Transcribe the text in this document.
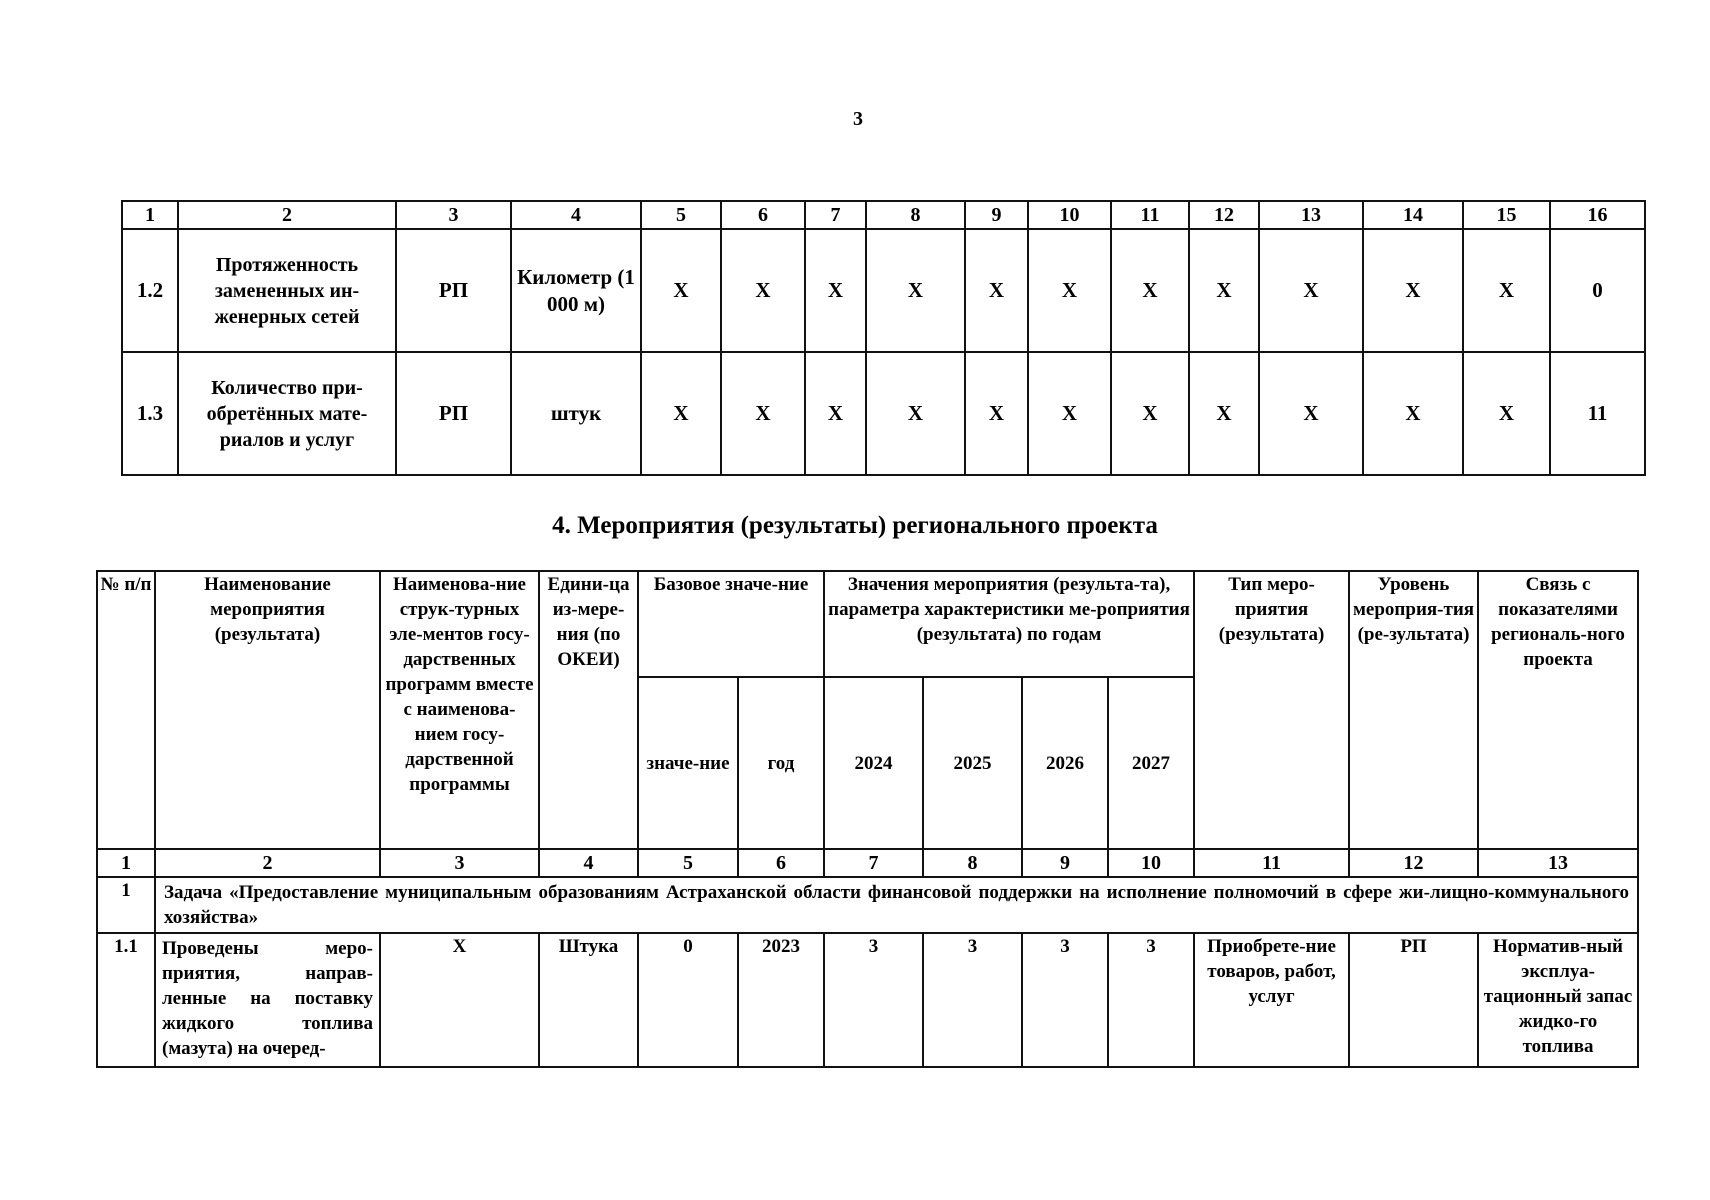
3
1	2	3	4	5	6	7	8	9	10	11	12	13	14	15	16
1.2	Протяженность замененных ин-женерных сетей	РП	Километр (1 000 м)	X	X	X	X	X	X	X	X	X	X	X	0
1.3	Количество при-обретённых мате-риалов и услуг	РП	штук	X	X	X	X	X	X	X	X	X	X	X	11
4. Мероприятия (результаты) регионального проекта
№ п/п	Наименование мероприятия (результата)	Наименова-ние струк-турных эле-ментов госу-дарственных программ вместе с наименова-нием госу-дарственной программы	Едини-ца из-мере-ния (по ОКЕИ)	Базовое значе-ние		Значения мероприятия (результа-та), параметра характеристики ме-роприятия (результата) по годам				Тип меро-приятия (результата)	Уровень мероприя-тия (ре-зультата)	Связь с показателями региональ-ного проекта
				значе-ние	год	2024	2025	2026	2027			
1	2	3	4	5	6	7	8	9	10	11	12	13
1	Задача «Предоставление муниципальным образованиям Астраханской области финансовой поддержки на исполнение полномочий в сфере жи-лищно-коммунального хозяйства»											
1.1	Проведены меро-приятия, направ-ленные на поставку жидкого топлива (мазута) на очеред-	X	Штука	0	2023	3	3	3	3	Приобрете-ние товаров, работ, услуг	РП	Норматив-ный эксплуа-тационный запас жидко-го топлива
